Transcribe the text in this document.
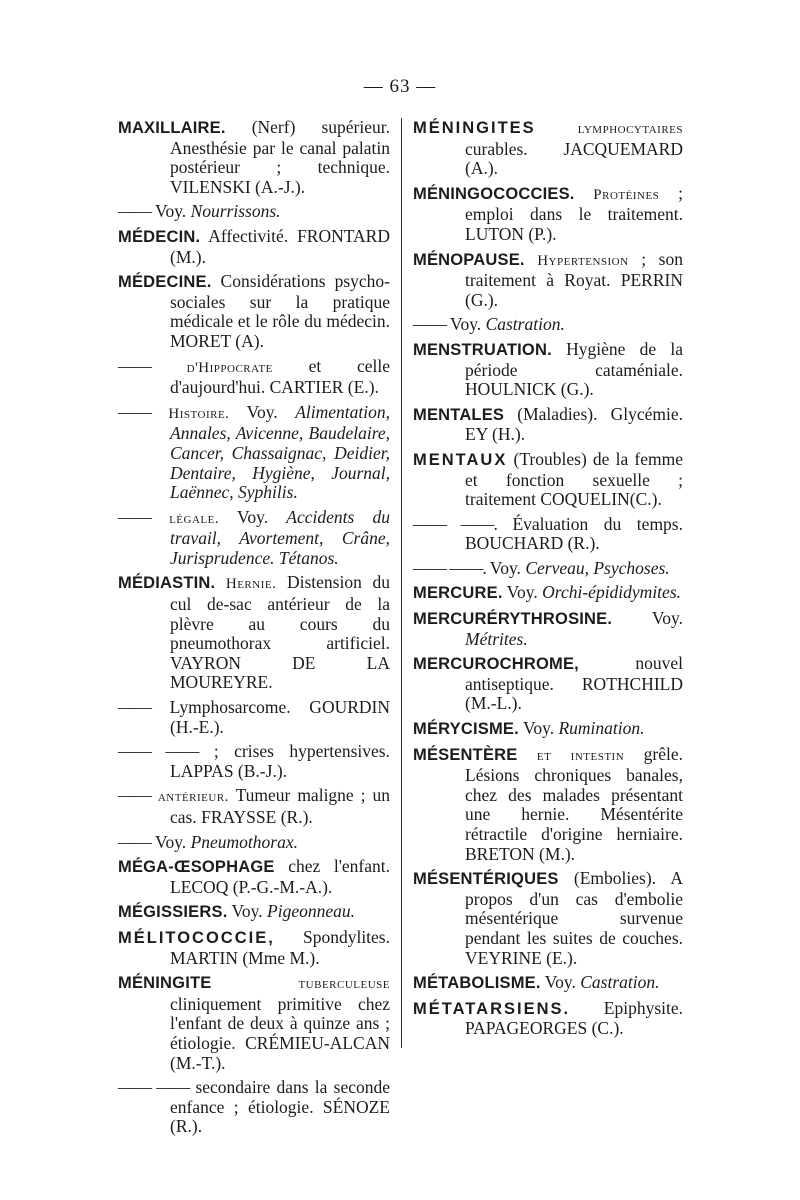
— 63 —
MAXILLAIRE. (Nerf) supérieur. Anesthésie par le canal palatin postérieur ; technique. VILENSKI (A.-J.).
—— Voy. Nourrissons.
MÉDECIN. Affectivité. FRONTARD (M.).
MÉDECINE. Considérations psycho-sociales sur la pratique médicale et le rôle du médecin. MORET (A).
—— d'Hippocrate et celle d'aujourd'hui. CARTIER (E.).
—— Histoire. Voy. Alimentation, Annales, Avicenne, Baudelaire, Cancer, Chassaignac, Deidier, Dentaire, Hygiène, Journal, Laënnec, Syphilis.
—— légale. Voy. Accidents du travail, Avortement, Crâne, Jurisprudence. Tétanos.
MÉDIASTIN. Hernie. Distension du cul de-sac antérieur de la plèvre au cours du pneumothorax artificiel. VAYRON DE LA MOUREYRE.
—— Lymphosarcome. GOURDIN (H.-E.).
—— —— ; crises hypertensives. LAPPAS (B.-J.).
—— antérieur. Tumeur maligne ; un cas. FRAYSSE (R.).
—— Voy. Pneumothorax.
MÉGA-ŒSOPHAGE chez l'enfant. LECOQ (P.-G.-M.-A.).
MÉGISSIERS. Voy. Pigeonneau.
MÉLITOCOCCIE, Spondylites. MARTIN (Mme M.).
MÉNINGITE tuberculeuse cliniquement primitive chez l'enfant de deux à quinze ans ; étiologie. CRÉMIEU-ALCAN (M.-T.).
—— —— secondaire dans la seconde enfance ; étiologie. SÉNOZE (R.).
MÉNINGITES lymphocytaires curables. JACQUEMARD (A.).
MÉNINGOCOCCIES. Protéines ; emploi dans le traitement. LUTON (P.).
MÉNOPAUSE. Hypertension ; son traitement à Royat. PERRIN (G.).
—— Voy. Castration.
MENSTRUATION. Hygiène de la période cataméniale. HOULNICK (G.).
MENTALES (Maladies). Glycémie. EY (H.).
MENTAUX (Troubles) de la femme et fonction sexuelle ; traitement COQUELIN(C.).
—— ——. Évaluation du temps. BOUCHARD (R.).
—— ——. Voy. Cerveau, Psychoses.
MERCURE. Voy. Orchi-épididymites.
MERCURÉRYTHROSINE. Voy. Métrites.
MERCUROCHROME, nouvel antiseptique. ROTHCHILD (M.-L.).
MÉRYCISME. Voy. Rumination.
MÉSENTÈRE et intestin grêle. Lésions chroniques banales, chez des malades présentant une hernie. Mésentérite rétractile d'origine herniaire. BRETON (M.).
MÉSENTÉRIQUES (Embolies). A propos d'un cas d'embolie mésentérique survenue pendant les suites de couches. VEYRINE (E.).
MÉTABOLISME. Voy. Castration.
MÉTATARSIENS. Epiphysite. PAPAGEORGES (C.).
